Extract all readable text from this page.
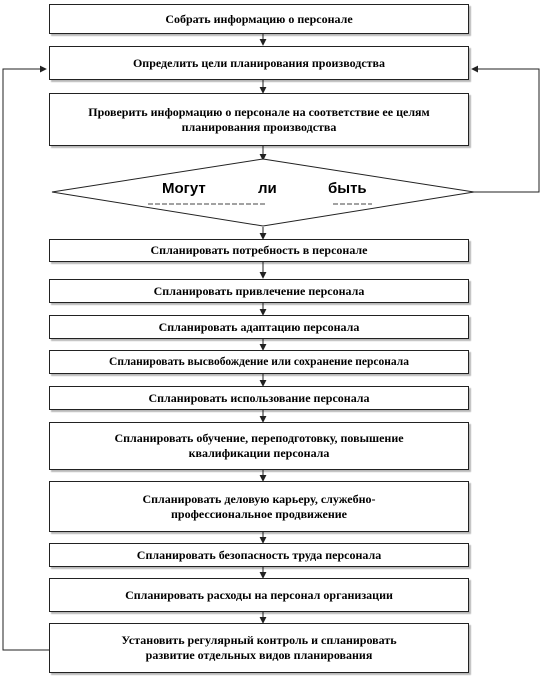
Собрать информацию о персонале
Определить цели планирования производства
Проверить информацию о персонале на соответствие ее целям планирования производства
Могут	ли	быть
Спланировать потребность в персонале
Спланировать привлечение персонала
Спланировать адаптацию персонала
Спланировать высвобождение или сохранение персонала
Спланировать использование персонала
Спланировать обучение, переподготовку, повышение квалификации персонала
Спланировать деловую карьеру, служебно-профессиональное продвижение
Спланировать безопасность труда персонала
Спланировать расходы на персонал организации
Установить регулярный контроль и спланировать развитие отдельных видов планирования
